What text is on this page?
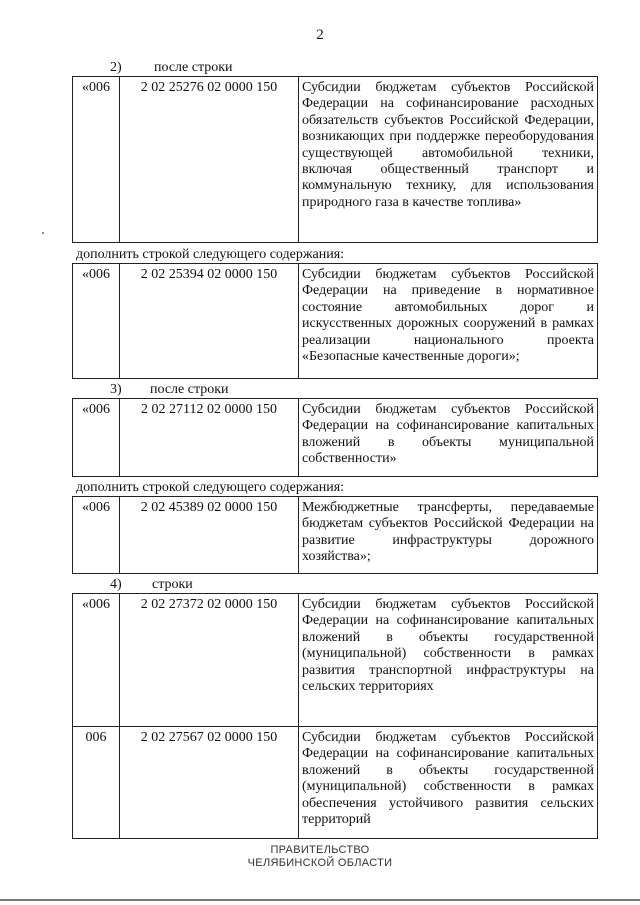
2
2) после строки
«006	2 02 25276 02 0000 150	Субсидии бюджетам субъектов Российской Федерации на софинансирование расходных обязательств субъектов Российской Федерации, возникающих при поддержке переоборудования существующей автомобильной техники, включая общественный транспорт и коммунальную технику, для использования природного газа в качестве топлива»
дополнить строкой следующего содержания:
«006	2 02 25394 02 0000 150	Субсидии бюджетам субъектов Российской Федерации на приведение в нормативное состояние автомобильных дорог и искусственных дорожных сооружений в рамках реализации национального проекта «Безопасные качественные дороги»;
3) после строки
«006	2 02 27112 02 0000 150	Субсидии бюджетам субъектов Российской Федерации на софинансирование капитальных вложений в объекты муниципальной собственности»
дополнить строкой следующего содержания:
«006	2 02 45389 02 0000 150	Межбюджетные трансферты, передаваемые бюджетам субъектов Российской Федерации на развитие инфраструктуры дорожного хозяйства»;
4) строки
«006	2 02 27372 02 0000 150	Субсидии бюджетам субъектов Российской Федерации на софинансирование капитальных вложений в объекты государственной (муниципальной) собственности в рамках развития транспортной инфраструктуры на сельских территориях
006	2 02 27567 02 0000 150	Субсидии бюджетам субъектов Российской Федерации на софинансирование капитальных вложений в объекты государственной (муниципальной) собственности в рамках обеспечения устойчивого развития сельских территорий
ПРАВИТЕЛЬСТВО
ЧЕЛЯБИНСКОЙ ОБЛАСТИ
